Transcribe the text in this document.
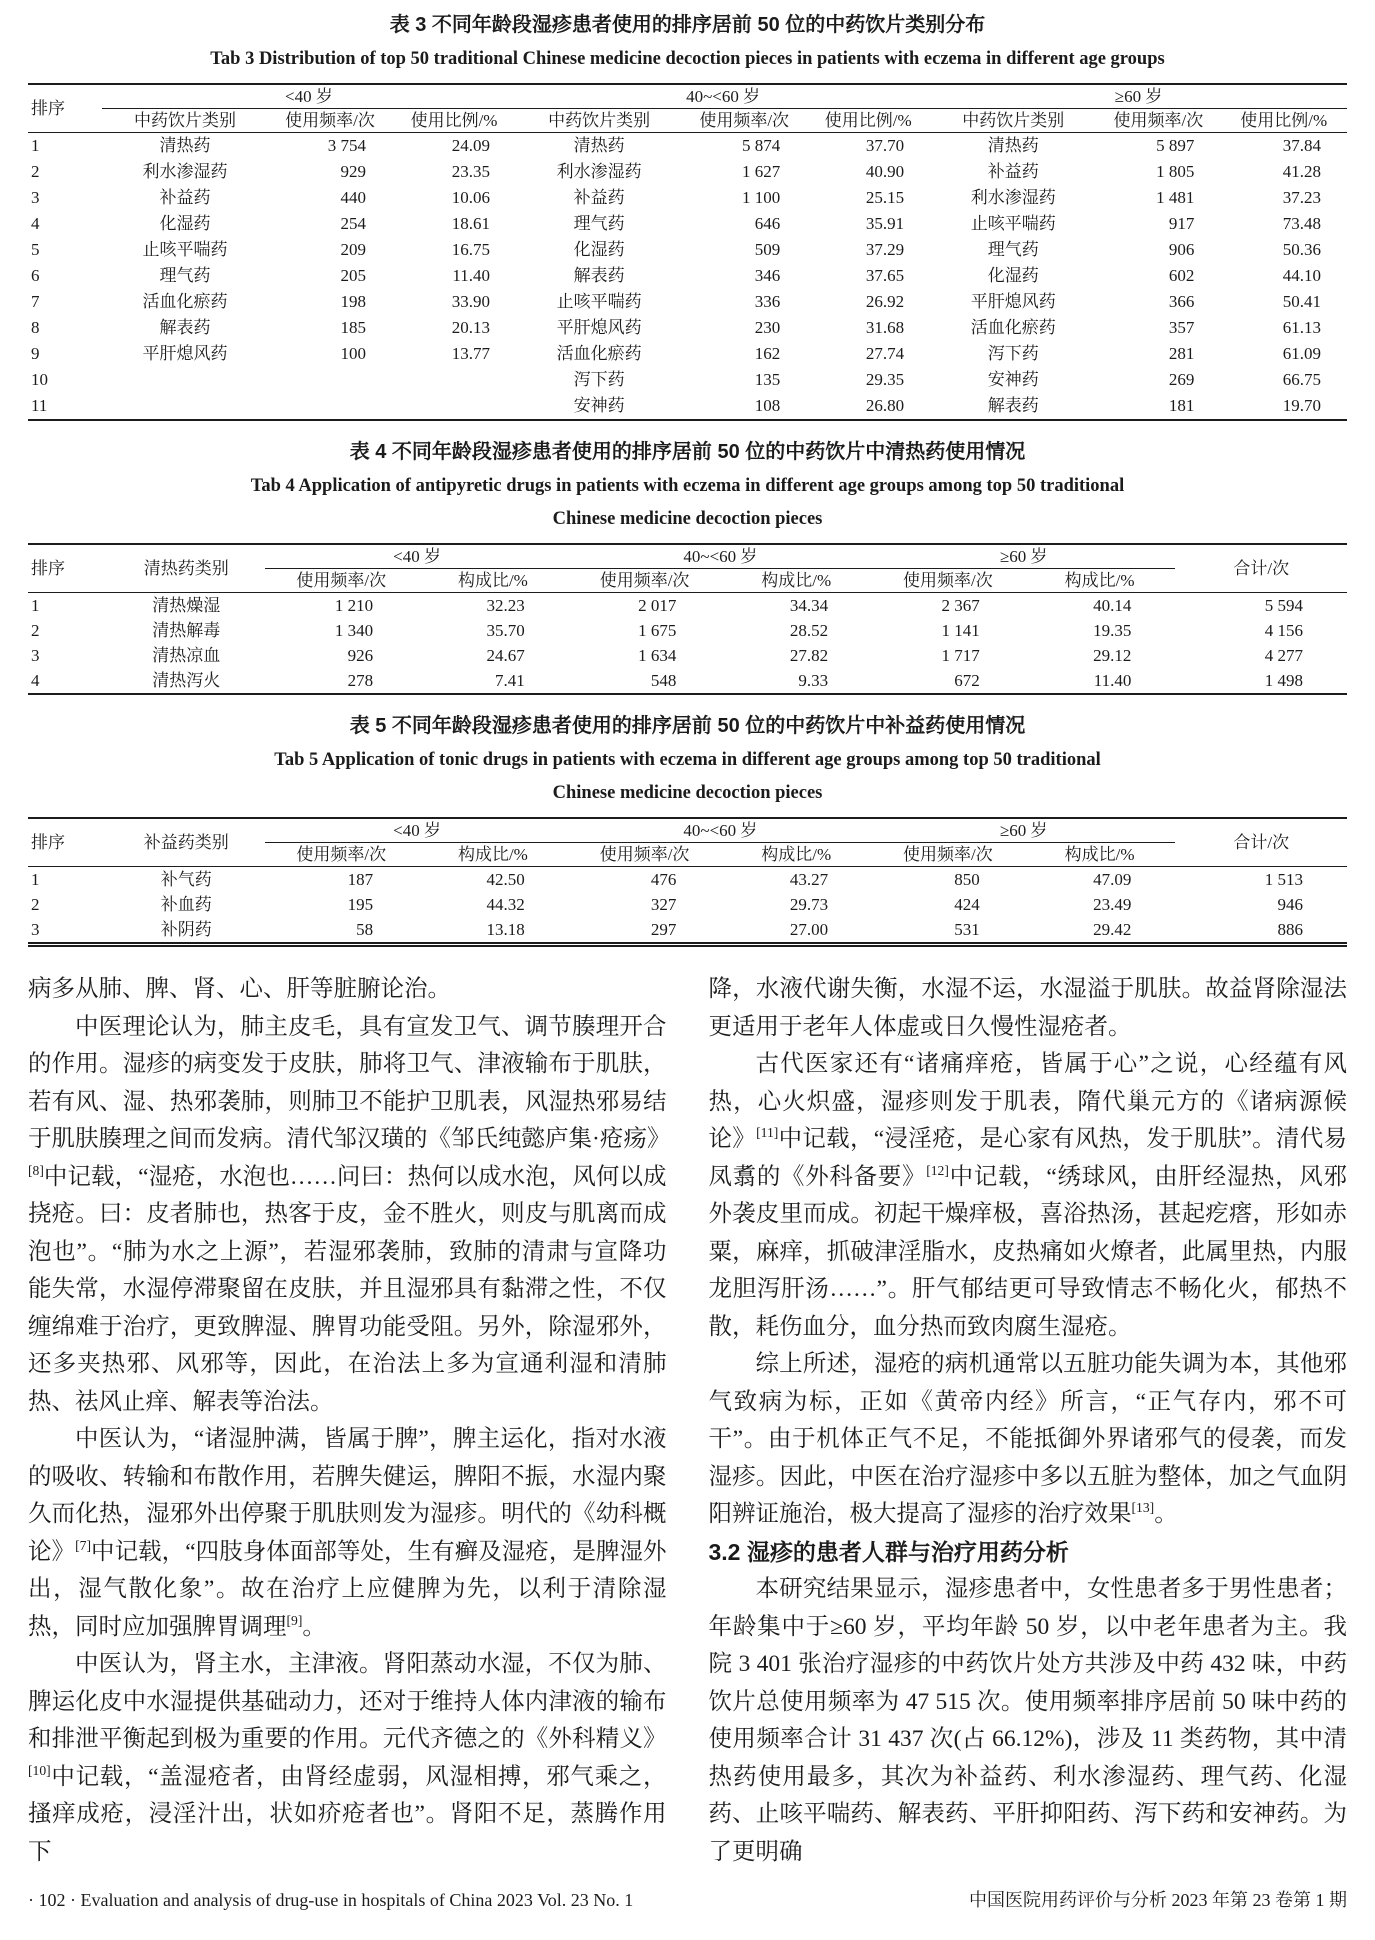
表 3 不同年龄段湿疹患者使用的排序居前 50 位的中药饮片类别分布
Tab 3 Distribution of top 50 traditional Chinese medicine decoction pieces in patients with eczema in different age groups
排序	<40 岁			40~<60 岁			≥60 岁		
	中药饮片类别	使用频率/次	使用比例/%	中药饮片类别	使用频率/次	使用比例/%	中药饮片类别	使用频率/次	使用比例/%
1	清热药	3 754	24.09	清热药	5 874	37.70	清热药	5 897	37.84
2	利水渗湿药	929	23.35	利水渗湿药	1 627	40.90	补益药	1 805	41.28
3	补益药	440	10.06	补益药	1 100	25.15	利水渗湿药	1 481	37.23
4	化湿药	254	18.61	理气药	646	35.91	止咳平喘药	917	73.48
5	止咳平喘药	209	16.75	化湿药	509	37.29	理气药	906	50.36
6	理气药	205	11.40	解表药	346	37.65	化湿药	602	44.10
7	活血化瘀药	198	33.90	止咳平喘药	336	26.92	平肝熄风药	366	50.41
8	解表药	185	20.13	平肝熄风药	230	31.68	活血化瘀药	357	61.13
9	平肝熄风药	100	13.77	活血化瘀药	162	27.74	泻下药	281	61.09
10				泻下药	135	29.35	安神药	269	66.75
11				安神药	108	26.80	解表药	181	19.70
表 4 不同年龄段湿疹患者使用的排序居前 50 位的中药饮片中清热药使用情况
Tab 4 Application of antipyretic drugs in patients with eczema in different age groups among top 50 traditional
Chinese medicine decoction pieces
排序	清热药类别	<40 岁		40~<60 岁		≥60 岁		合计/次
		使用频率/次	构成比/%	使用频率/次	构成比/%	使用频率/次	构成比/%	
1	清热燥湿	1 210	32.23	2 017	34.34	2 367	40.14	5 594
2	清热解毒	1 340	35.70	1 675	28.52	1 141	19.35	4 156
3	清热凉血	926	24.67	1 634	27.82	1 717	29.12	4 277
4	清热泻火	278	7.41	548	9.33	672	11.40	1 498
表 5 不同年龄段湿疹患者使用的排序居前 50 位的中药饮片中补益药使用情况
Tab 5 Application of tonic drugs in patients with eczema in different age groups among top 50 traditional
Chinese medicine decoction pieces
排序	补益药类别	<40 岁		40~<60 岁		≥60 岁		合计/次
		使用频率/次	构成比/%	使用频率/次	构成比/%	使用频率/次	构成比/%	
1	补气药	187	42.50	476	43.27	850	47.09	1 513
2	补血药	195	44.32	327	29.73	424	23.49	946
3	补阴药	58	13.18	297	27.00	531	29.42	886

病多从肺、脾、肾、心、肝等脏腑论治。

中医理论认为，肺主皮毛，具有宣发卫气、调节腠理开合的作用。湿疹的病变发于皮肤，肺将卫气、津液输布于肌肤，若有风、湿、热邪袭肺，则肺卫不能护卫肌表，风湿热邪易结于肌肤腠理之间而发病。清代邹汉璜的《邹氏纯懿庐集·疮疡》[8]中记载，“湿疮，水泡也……问曰：热何以成水泡，风何以成挠疮。曰：皮者肺也，热客于皮，金不胜火，则皮与肌离而成泡也”。“肺为水之上源”，若湿邪袭肺，致肺的清肃与宣降功能失常，水湿停滞聚留在皮肤，并且湿邪具有黏滞之性，不仅缠绵难于治疗，更致脾湿、脾胃功能受阻。另外，除湿邪外，还多夹热邪、风邪等，因此，在治法上多为宣通利湿和清肺热、祛风止痒、解表等治法。

中医认为，“诸湿肿满，皆属于脾”，脾主运化，指对水液的吸收、转输和布散作用，若脾失健运，脾阳不振，水湿内聚久而化热，湿邪外出停聚于肌肤则发为湿疹。明代的《幼科概论》[7]中记载，“四肢身体面部等处，生有癣及湿疮，是脾湿外出，湿气散化象”。故在治疗上应健脾为先，以利于清除湿热，同时应加强脾胃调理[9]。

中医认为，肾主水，主津液。肾阳蒸动水湿，不仅为肺、脾运化皮中水湿提供基础动力，还对于维持人体内津液的输布和排泄平衡起到极为重要的作用。元代齐德之的《外科精义》[10]中记载，“盖湿疮者，由肾经虚弱，风湿相搏，邪气乘之，搔痒成疮，浸淫汁出，状如疥疮者也”。肾阳不足，蒸腾作用下

降，水液代谢失衡，水湿不运，水湿溢于肌肤。故益肾除湿法更适用于老年人体虚或日久慢性湿疮者。

古代医家还有“诸痛痒疮，皆属于心”之说，心经蕴有风热，心火炽盛，湿疹则发于肌表，隋代巢元方的《诸病源候论》[11]中记载，“浸淫疮，是心家有风热，发于肌肤”。清代易凤翥的《外科备要》[12]中记载，“绣球风，由肝经湿热，风邪外袭皮里而成。初起干燥痒极，喜浴热汤，甚起疙瘩，形如赤粟，麻痒，抓破津淫脂水，皮热痛如火燎者，此属里热，内服龙胆泻肝汤……”。肝气郁结更可导致情志不畅化火，郁热不散，耗伤血分，血分热而致肉腐生湿疮。

综上所述，湿疮的病机通常以五脏功能失调为本，其他邪气致病为标，正如《黄帝内经》所言，“正气存内，邪不可干”。由于机体正气不足，不能抵御外界诸邪气的侵袭，而发湿疹。因此，中医在治疗湿疹中多以五脏为整体，加之气血阴阳辨证施治，极大提高了湿疹的治疗效果[13]。

3.2 湿疹的患者人群与治疗用药分析

本研究结果显示，湿疹患者中，女性患者多于男性患者；年龄集中于≥60 岁，平均年龄 50 岁，以中老年患者为主。我院 3 401 张治疗湿疹的中药饮片处方共涉及中药 432 味，中药饮片总使用频率为 47 515 次。使用频率排序居前 50 味中药的使用频率合计 31 437 次(占 66.12%)，涉及 11 类药物，其中清热药使用最多，其次为补益药、利水渗湿药、理气药、化湿药、止咳平喘药、解表药、平肝抑阳药、泻下药和安神药。为了更明确

· 102 · Evaluation and analysis of drug-use in hospitals of China 2023 Vol. 23 No. 1	中国医院用药评价与分析 2023 年第 23 卷第 1 期
